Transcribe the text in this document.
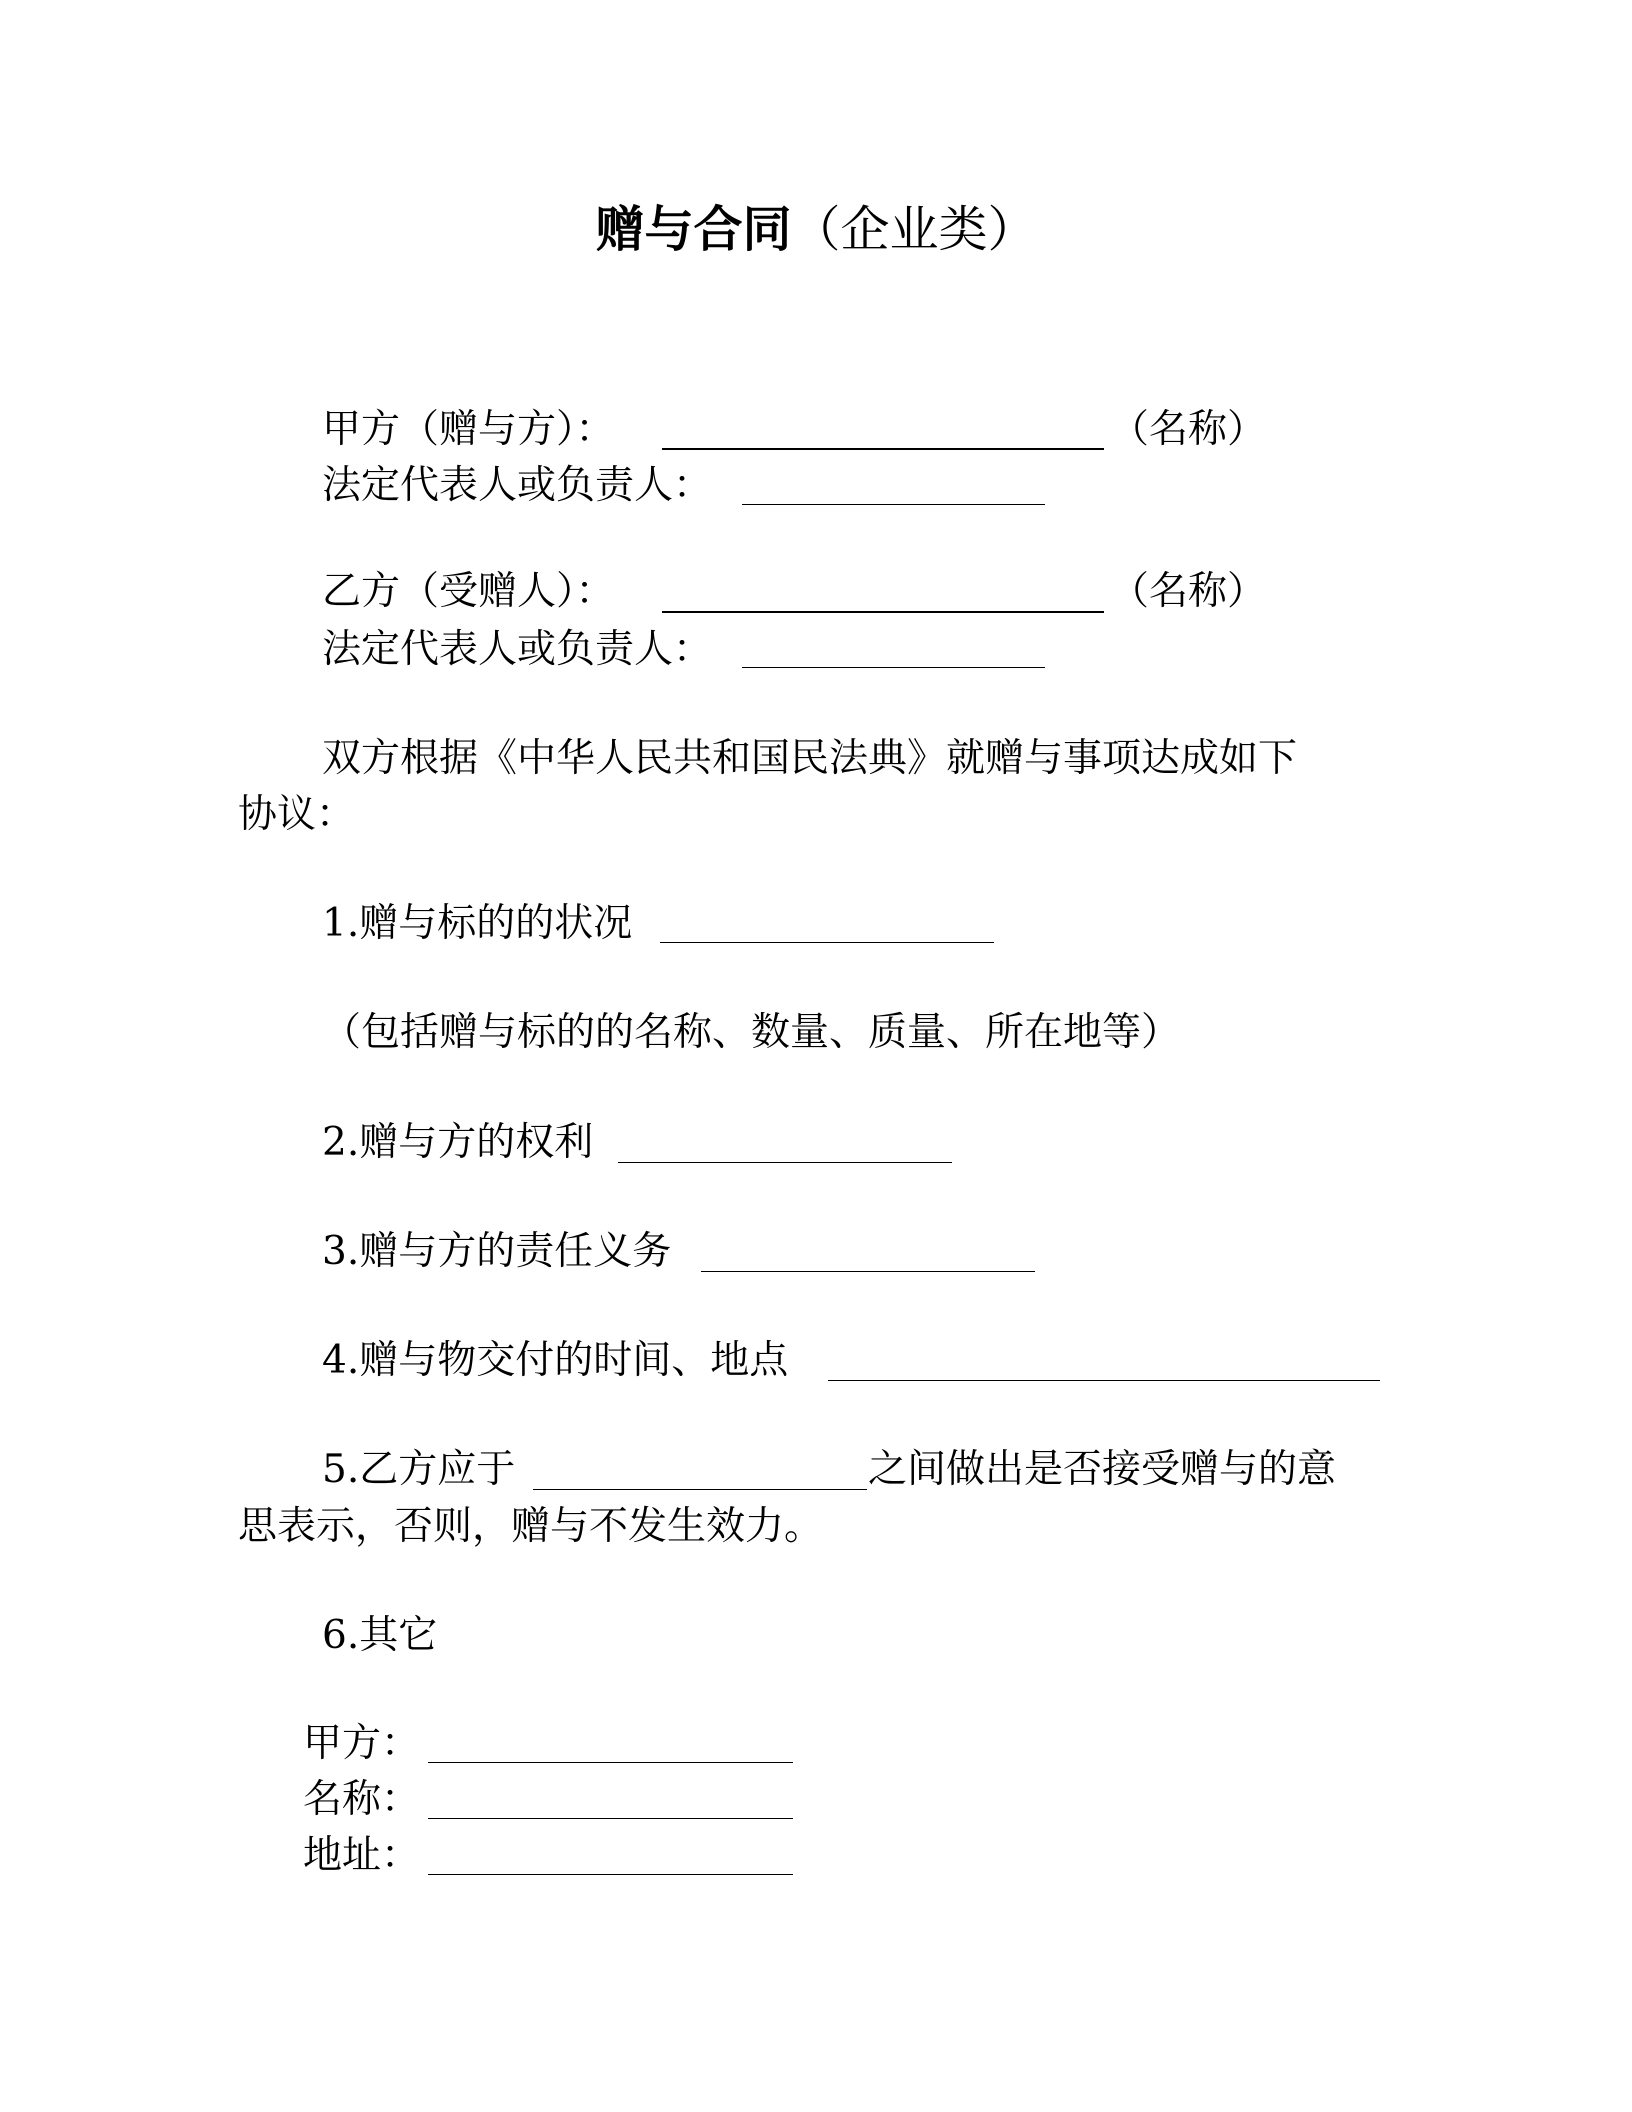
赠与合同（企业类）
甲方（赠与方）：	（名称）
法定代表人或负责人：
乙方（受赠人）：	（名称）
法定代表人或负责人：
双方根据《中华人民共和国民法典》就赠与事项达成如下
协议：
1.赠与标的的状况
（包括赠与标的的名称、数量、质量、所在地等）
2.赠与方的权利
3.赠与方的责任义务
4.赠与物交付的时间、地点
5.乙方应于	之间做出是否接受赠与的意
思表示，否则，赠与不发生效力。
6.其它
甲方：
名称：
地址：
